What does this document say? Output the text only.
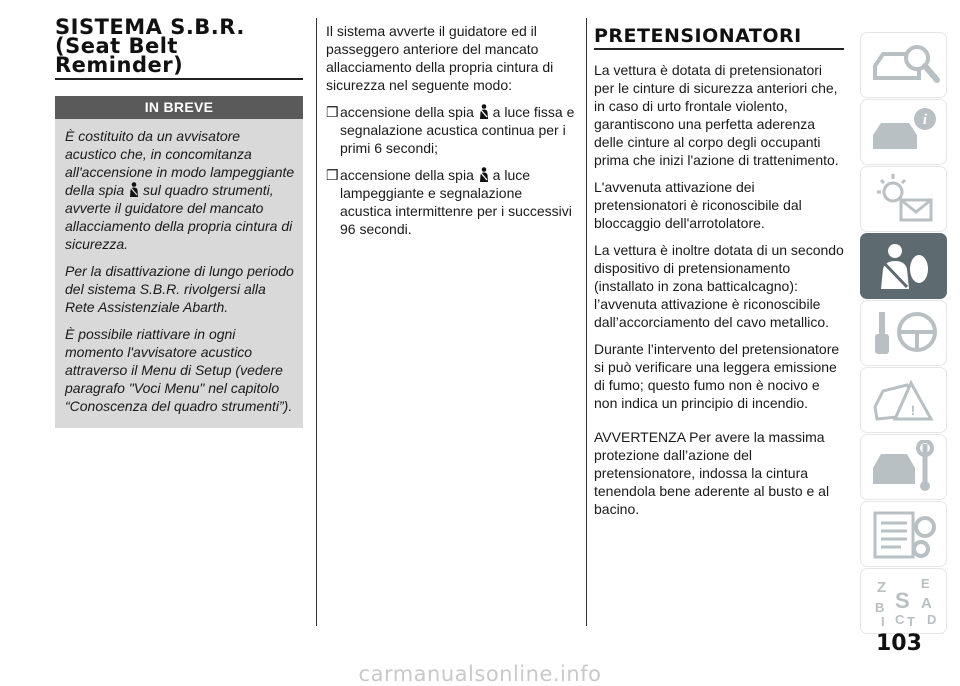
SISTEMA S.B.R.
(Seat Belt
Reminder)
IN BREVE

È costituito da un avvisatore acustico che, in concomitanza all'accensione in modo lampeggiante della spia sul quadro strumenti, avverte il guidatore del mancato allacciamento della propria cintura di sicurezza.

Per la disattivazione di lungo periodo del sistema S.B.R. rivolgersi alla Rete Assistenziale Abarth.

È possibile riattivare in ogni momento l'avvisatore acustico attraverso il Menu di Setup (vedere paragrafo "Voci Menu" nel capitolo “Conoscenza del quadro strumenti”).

Il sistema avverte il guidatore ed il passeggero anteriore del mancato allacciamento della propria cintura di sicurezza nel seguente modo:

❒ accensione della spia a luce fissa e segnalazione acustica continua per i primi 6 secondi;
❒ accensione della spia a luce lampeggiante e segnalazione acustica intermittenre per i successivi 96 secondi.
PRETENSIONATORI

La vettura è dotata di pretensionatori per le cinture di sicurezza anteriori che, in caso di urto frontale violento, garantiscono una perfetta aderenza delle cinture al corpo degli occupanti prima che inizi l'azione di trattenimento.

L'avvenuta attivazione dei pretensionatori è riconoscibile dal bloccaggio dell'arrotolatore.

La vettura è inoltre dotata di un secondo dispositivo di pretensionamento (installato in zona batticalcagno): l’avvenuta attivazione è riconoscibile dall’accorciamento del cavo metallico.

Durante l’intervento del pretensionatore si può verificare una leggera emissione di fumo; questo fumo non è nocivo e non indica un principio di incendio.

AVVERTENZA Per avere la massima protezione dall’azione del pretensionatore, indossa la cintura tenendola bene aderente al busto e al bacino.

i
!
Z	E
S A
B
C
I T D
103
carmanualsonline.info
